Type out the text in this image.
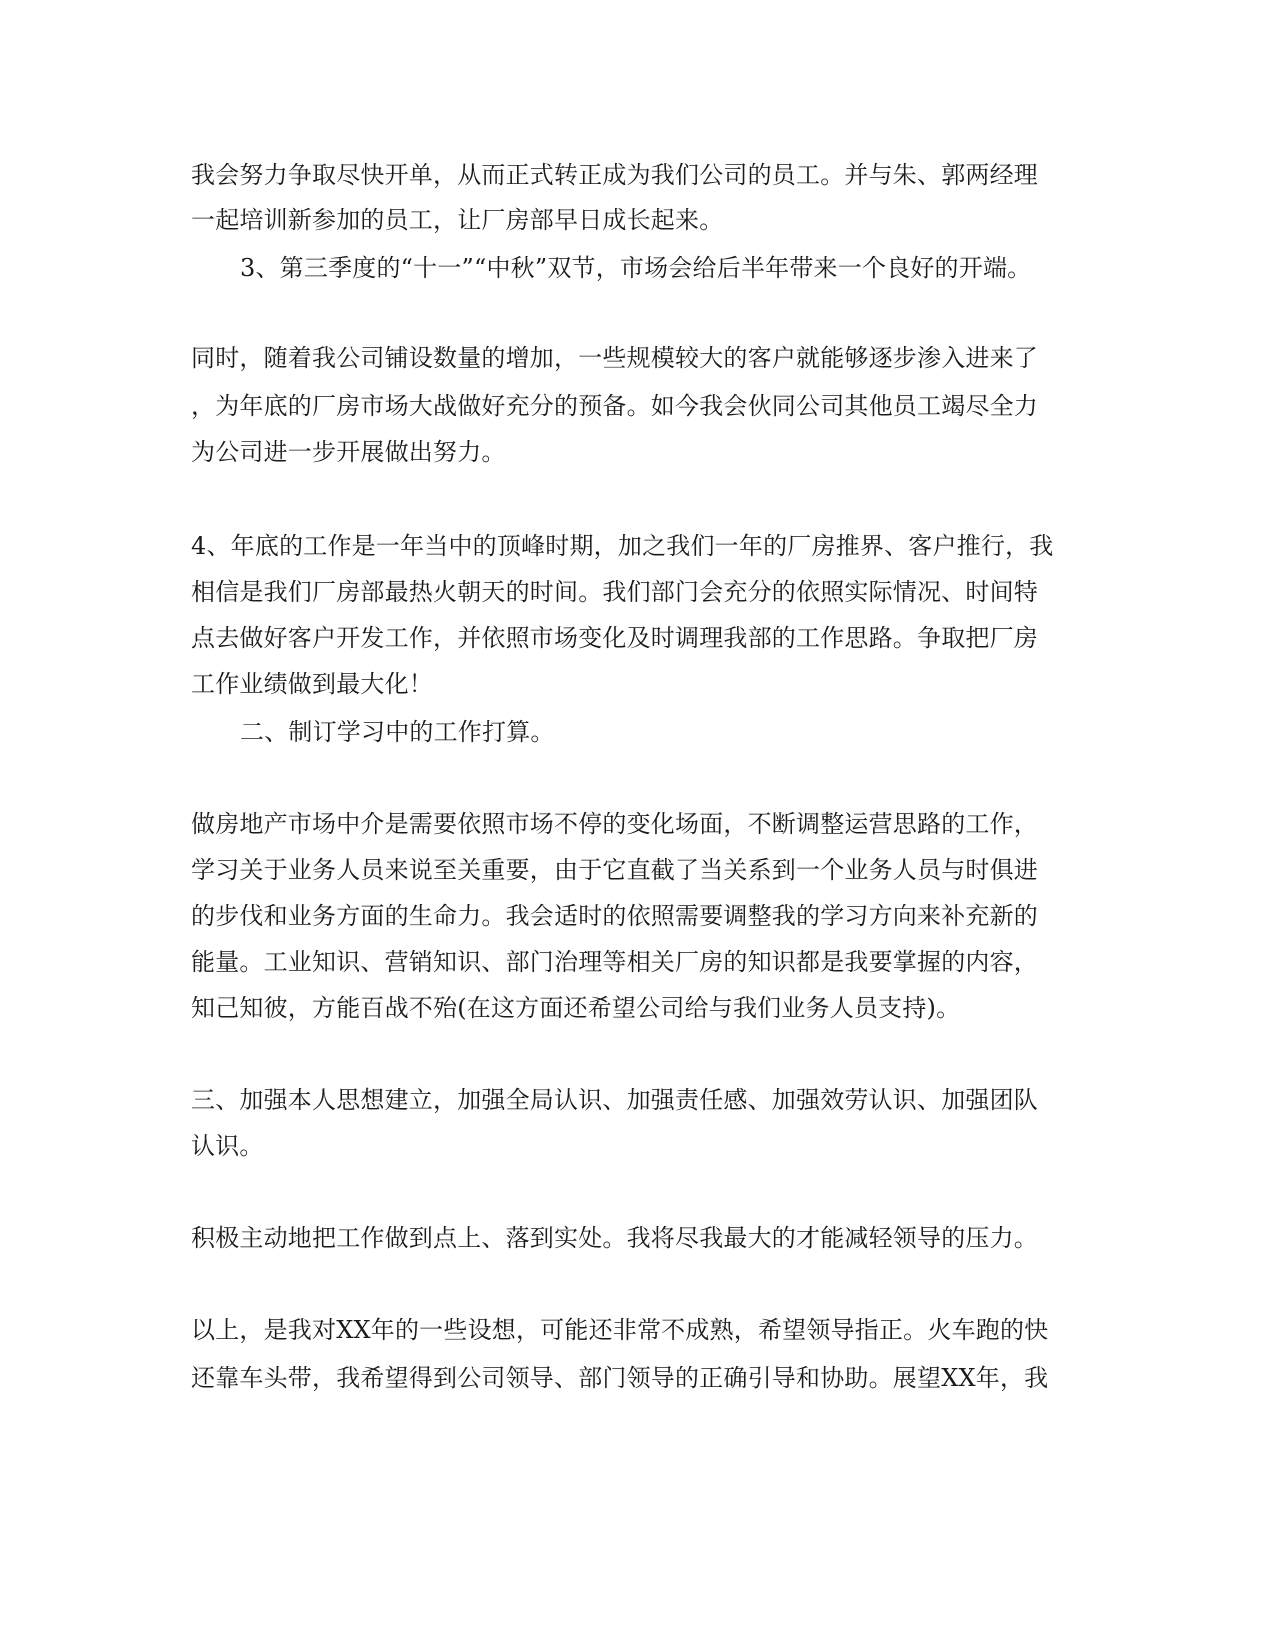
我会努力争取尽快开单，从而正式转正成为我们公司的员工。并与朱、郭两经理
一起培训新参加的员工，让厂房部早日成长起来。
3、第三季度的“十一”“中秋”双节，市场会给后半年带来一个良好的开端。
同时，随着我公司铺设数量的增加，一些规模较大的客户就能够逐步渗入进来了
，为年底的厂房市场大战做好充分的预备。如今我会伙同公司其他员工竭尽全力
为公司进一步开展做出努力。
4、年底的工作是一年当中的顶峰时期，加之我们一年的厂房推界、客户推行，我
相信是我们厂房部最热火朝天的时间。我们部门会充分的依照实际情况、时间特
点去做好客户开发工作，并依照市场变化及时调理我部的工作思路。争取把厂房
工作业绩做到最大化！
二、制订学习中的工作打算。
做房地产市场中介是需要依照市场不停的变化场面，不断调整运营思路的工作，
学习关于业务人员来说至关重要，由于它直截了当关系到一个业务人员与时俱进
的步伐和业务方面的生命力。我会适时的依照需要调整我的学习方向来补充新的
能量。工业知识、营销知识、部门治理等相关厂房的知识都是我要掌握的内容，
知己知彼，方能百战不殆(在这方面还希望公司给与我们业务人员支持)。
三、加强本人思想建立，加强全局认识、加强责任感、加强效劳认识、加强团队
认识。
积极主动地把工作做到点上、落到实处。我将尽我最大的才能减轻领导的压力。
以上，是我对XX年的一些设想，可能还非常不成熟，希望领导指正。火车跑的快
还靠车头带，我希望得到公司领导、部门领导的正确引导和协助。展望XX年，我
